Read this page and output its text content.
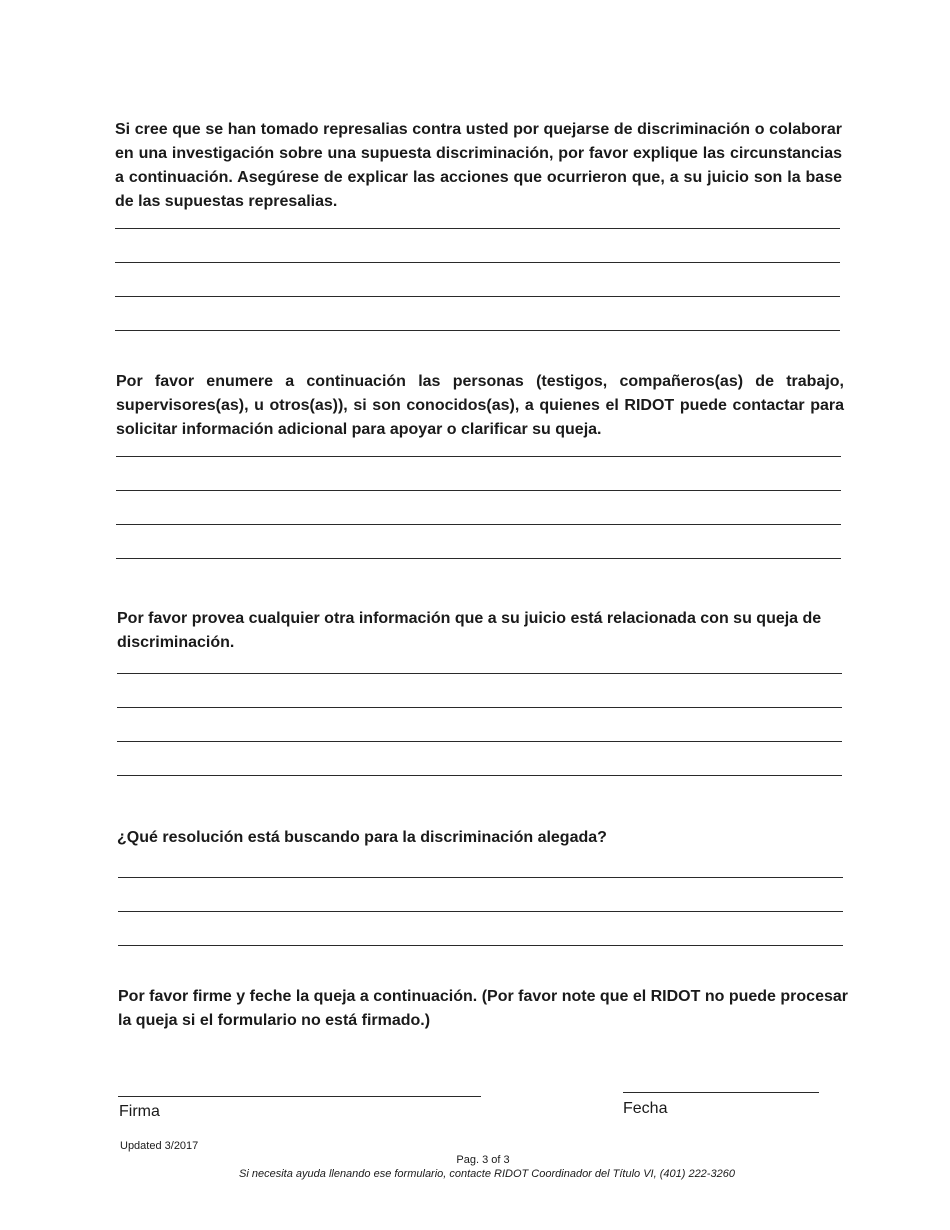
Si cree que se han tomado represalias contra usted por quejarse de discriminación o colaborar en una investigación sobre una supuesta discriminación, por favor explique las circunstancias a continuación. Asegúrese de explicar las acciones que ocurrieron que, a su juicio son la base de las supuestas represalias.
Por favor enumere a continuación las personas (testigos, compañeros(as) de trabajo, supervisores(as), u otros(as)), si son conocidos(as), a quienes el RIDOT puede contactar para solicitar información adicional para apoyar o clarificar su queja.
Por favor provea cualquier otra información que a su juicio está relacionada con su queja de discriminación.
¿Qué resolución está buscando para la discriminación alegada?
Por favor firme y feche la queja a continuación. (Por favor note que el RIDOT no puede procesar la queja si el formulario no está firmado.)
Firma	Fecha
Updated 3/2017
Pag. 3 of 3
Si necesita ayuda llenando ese formulario, contacte RIDOT Coordinador del Título VI, (401) 222-3260
